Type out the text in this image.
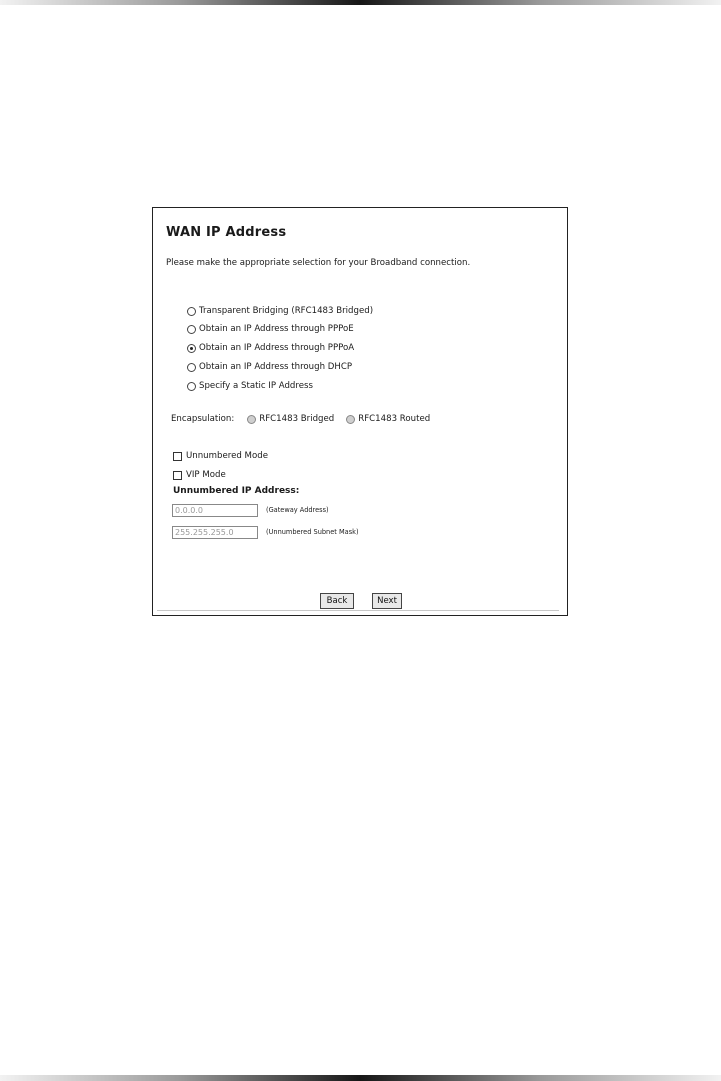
WAN IP Address
Please make the appropriate selection for your Broadband connection.
Transparent Bridging (RFC1483 Bridged)
Obtain an IP Address through PPPoE
Obtain an IP Address through PPPoA
Obtain an IP Address through DHCP
Specify a Static IP Address
Encapsulation:	RFC1483 Bridged	RFC1483 Routed
Unnumbered Mode
VIP Mode
Unnumbered IP Address:
0.0.0.0
(Gateway Address)
255.255.255.0
(Unnumbered Subnet Mask)
Back	Next
